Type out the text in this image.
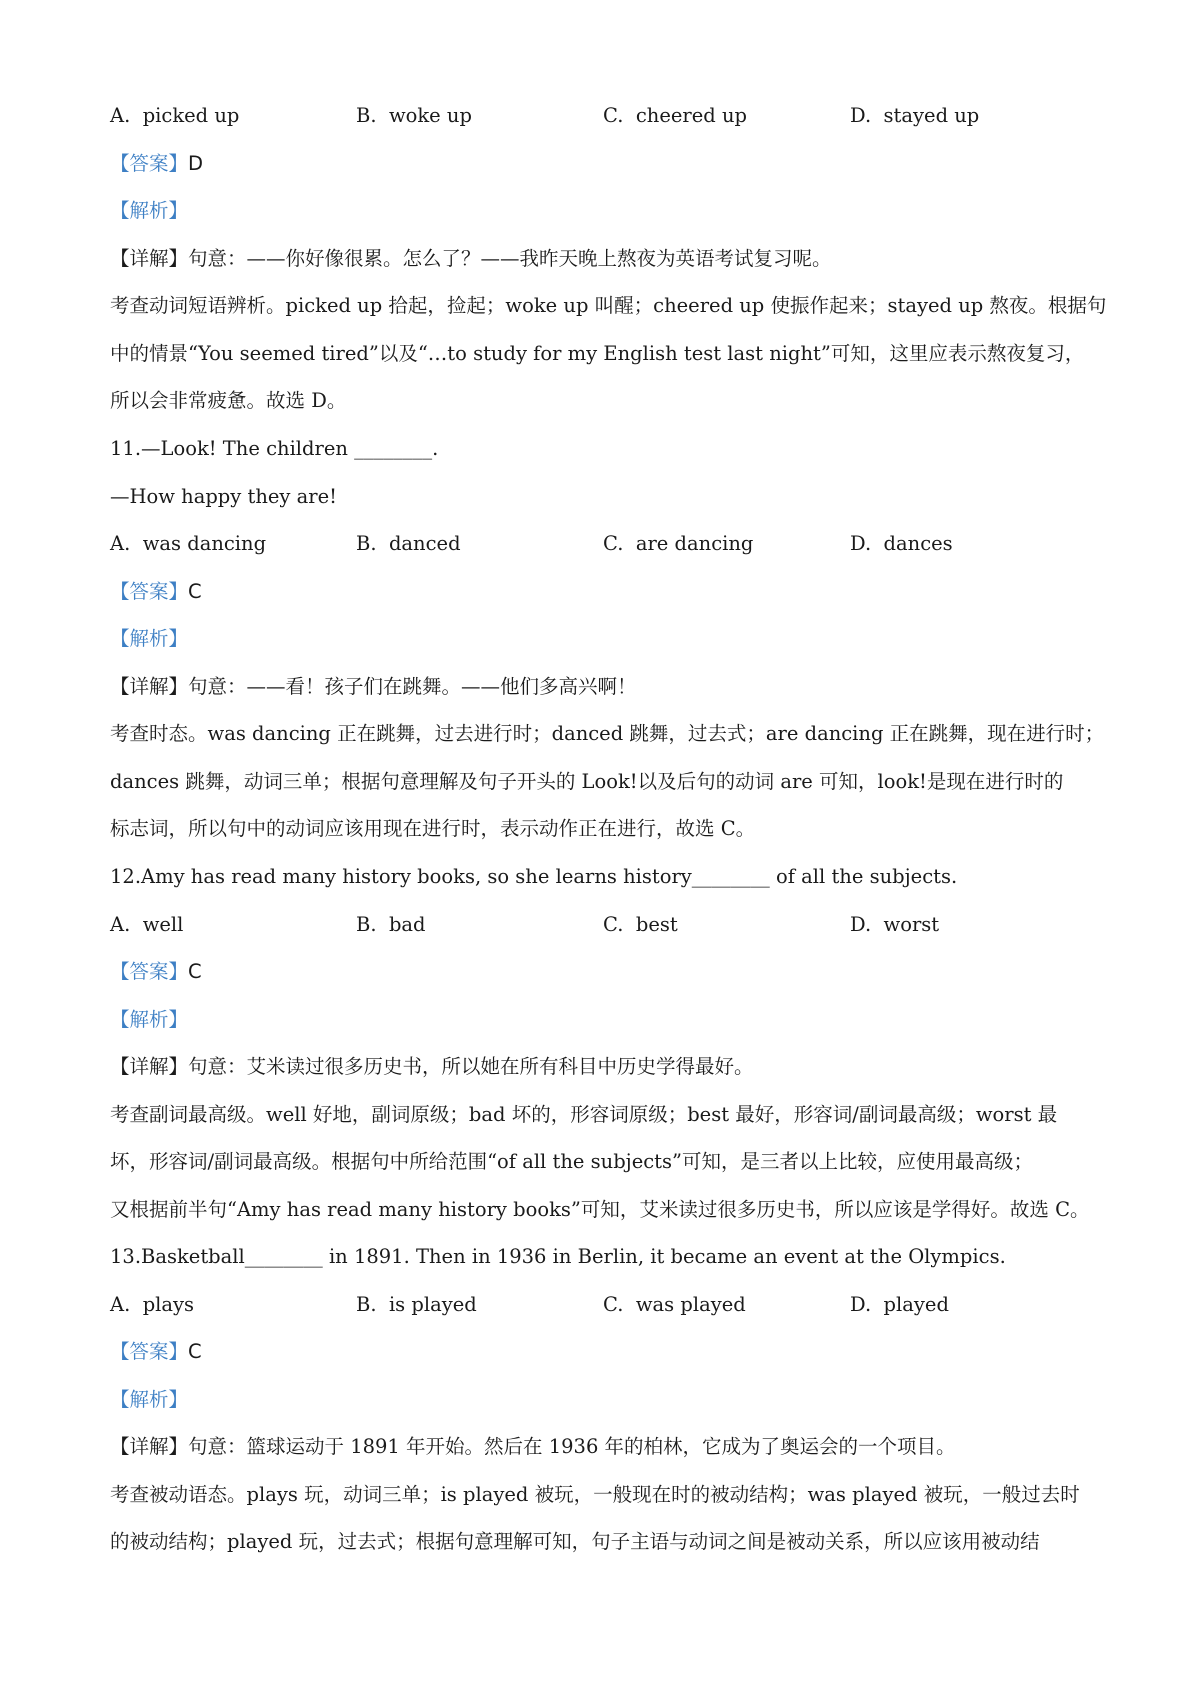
A. picked up	B. woke up	C. cheered up	D. stayed up
【答案】D
【解析】
【详解】句意：——你好像很累。怎么了？——我昨天晚上熬夜为英语考试复习呢。
考查动词短语辨析。picked up 拾起，捡起；woke up 叫醒；cheered up 使振作起来；stayed up 熬夜。根据句
中的情景“You seemed tired”以及“…to study for my English test last night”可知，这里应表示熬夜复习，
所以会非常疲惫。故选 D。
11.—Look! The children ________.
—How happy they are!
A. was dancing	B. danced	C. are dancing	D. dances
【答案】C
【解析】
【详解】句意：——看！孩子们在跳舞。——他们多高兴啊！
考查时态。was dancing 正在跳舞，过去进行时；danced 跳舞，过去式；are dancing 正在跳舞，现在进行时；
dances 跳舞，动词三单；根据句意理解及句子开头的 Look!以及后句的动词 are 可知，look!是现在进行时的
标志词，所以句中的动词应该用现在进行时，表示动作正在进行，故选 C。
12.Amy has read many history books, so she learns history________ of all the subjects.
A. well	B. bad	C. best	D. worst
【答案】C
【解析】
【详解】句意：艾米读过很多历史书，所以她在所有科目中历史学得最好。
考查副词最高级。well 好地，副词原级；bad 坏的，形容词原级；best 最好，形容词/副词最高级；worst 最
坏，形容词/副词最高级。根据句中所给范围“of all the subjects”可知，是三者以上比较，应使用最高级；
又根据前半句“Amy has read many history books”可知，艾米读过很多历史书，所以应该是学得好。故选 C。
13.Basketball________ in 1891. Then in 1936 in Berlin, it became an event at the Olympics.
A. plays	B. is played	C. was played	D. played
【答案】C
【解析】
【详解】句意：篮球运动于 1891 年开始。然后在 1936 年的柏林，它成为了奥运会的一个项目。
考查被动语态。plays 玩，动词三单；is played 被玩，一般现在时的被动结构；was played 被玩，一般过去时
的被动结构；played 玩，过去式；根据句意理解可知，句子主语与动词之间是被动关系，所以应该用被动结
